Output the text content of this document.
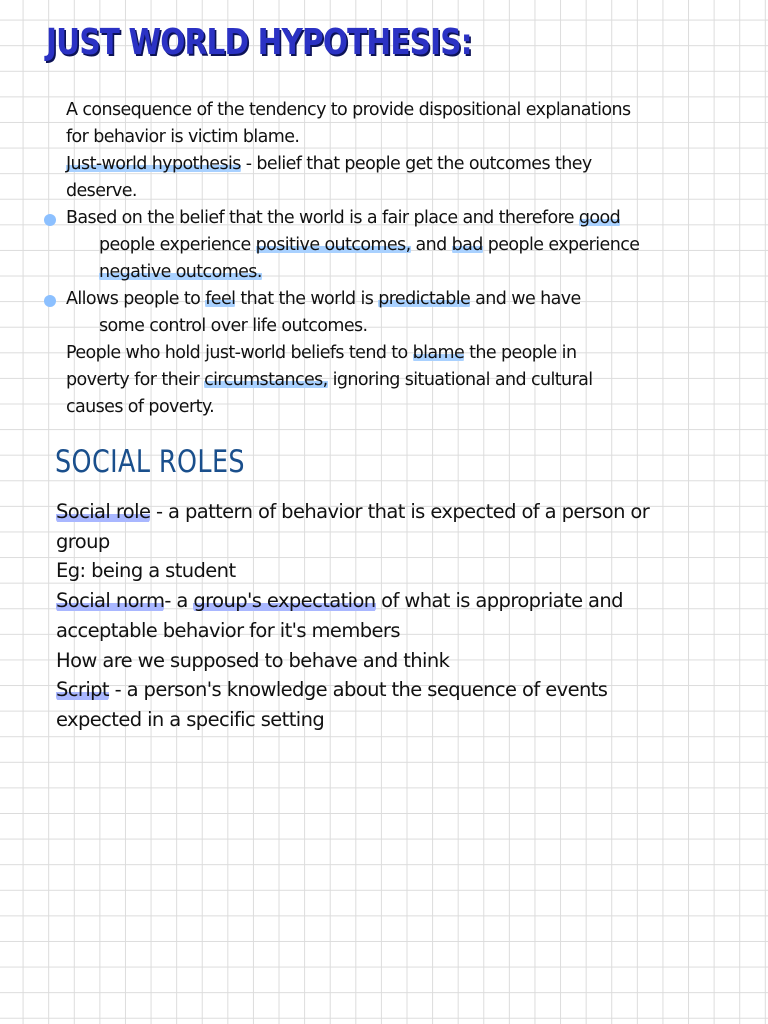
JUST WORLD HYPOTHESIS:
A consequence of the tendency to provide dispositional explanations
for behavior is victim blame.
Just-world hypothesis - belief that people get the outcomes they
deserve.
Based on the belief that the world is a fair place and therefore good
people experience positive outcomes, and bad people experience
negative outcomes.
Allows people to feel that the world is predictable and we have
some control over life outcomes.
People who hold just-world beliefs tend to blame the people in
poverty for their circumstances, ignoring situational and cultural
causes of poverty.
SOCIAL ROLES
Social role - a pattern of behavior that is expected of a person or
group
Eg: being a student
Social norm- a group's expectation of what is appropriate and
acceptable behavior for it's members
How are we supposed to behave and think
Script - a person's knowledge about the sequence of events
expected in a specific setting
